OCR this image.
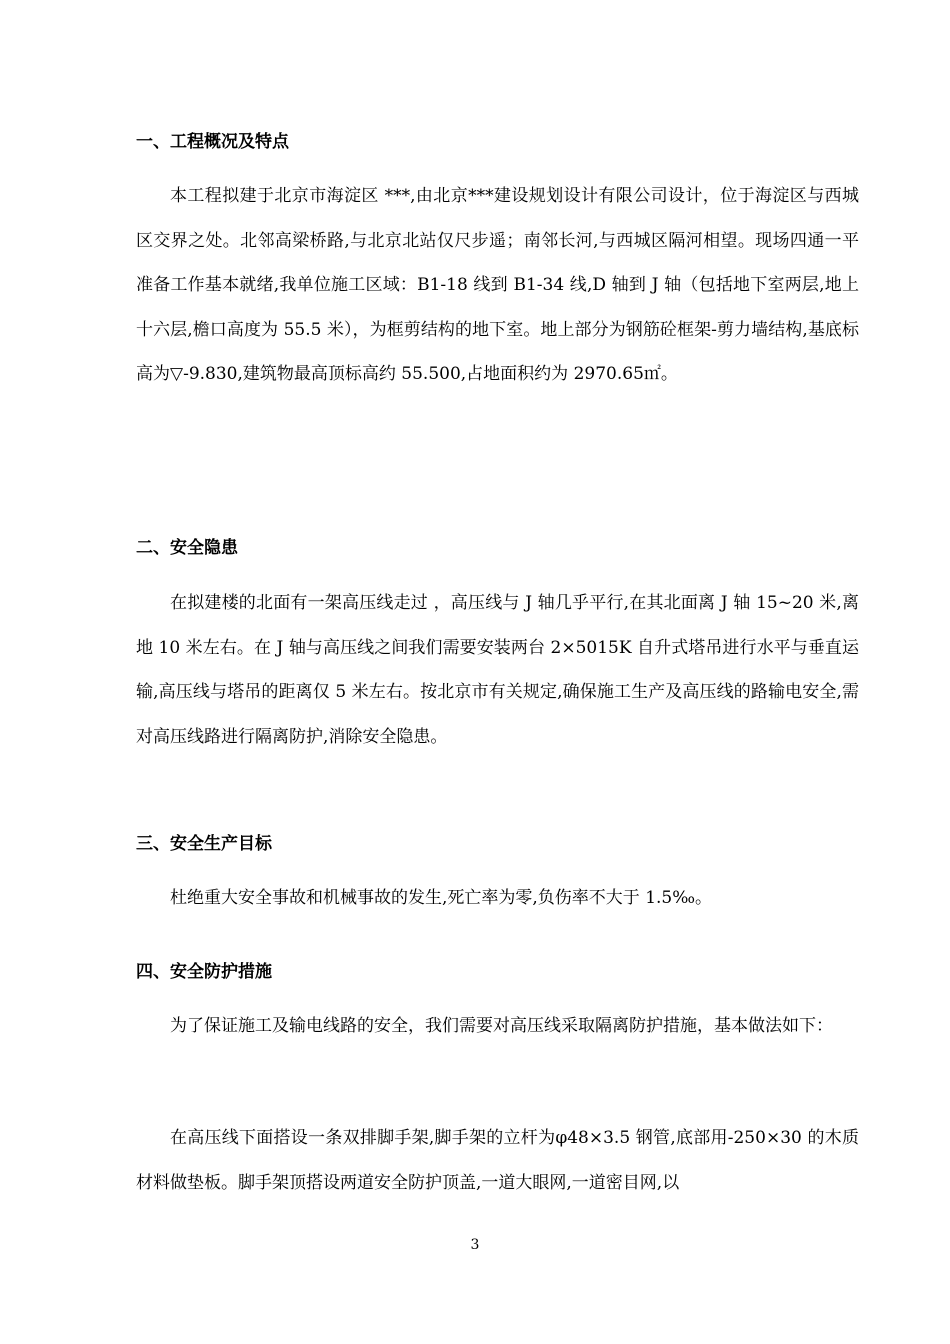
一、工程概况及特点

本工程拟建于北京市海淀区 ***,由北京***建设规划设计有限公司设计，位于海淀区与西城区交界之处。北邻高梁桥路,与北京北站仅尺步遥；南邻长河,与西城区隔河相望。现场四通一平准备工作基本就绪,我单位施工区域：B1-18 线到 B1-34 线,D 轴到 J 轴（包括地下室两层,地上十六层,檐口高度为 55.5 米），为框剪结构的地下室。地上部分为钢筋砼框架-剪力墙结构,基底标高为▽-9.830,建筑物最高顶标高约 55.500,占地面积约为 2970.65㎡。

二、安全隐患

在拟建楼的北面有一架高压线走过 ，高压线与 J 轴几乎平行,在其北面离 J 轴 15~20 米,离地 10 米左右。在 J 轴与高压线之间我们需要安装两台 2×5015K 自升式塔吊进行水平与垂直运输,高压线与塔吊的距离仅 5 米左右。按北京市有关规定,确保施工生产及高压线的路输电安全,需对高压线路进行隔离防护,消除安全隐患。

三、安全生产目标

杜绝重大安全事故和机械事故的发生,死亡率为零,负伤率不大于 1.5‰。

四、安全防护措施

为了保证施工及输电线路的安全，我们需要对高压线采取隔离防护措施，基本做法如下：

在高压线下面搭设一条双排脚手架,脚手架的立杆为φ48×3.5 钢管,底部用-250×30 的木质材料做垫板。脚手架顶搭设两道安全防护顶盖,一道大眼网,一道密目网,以

3
